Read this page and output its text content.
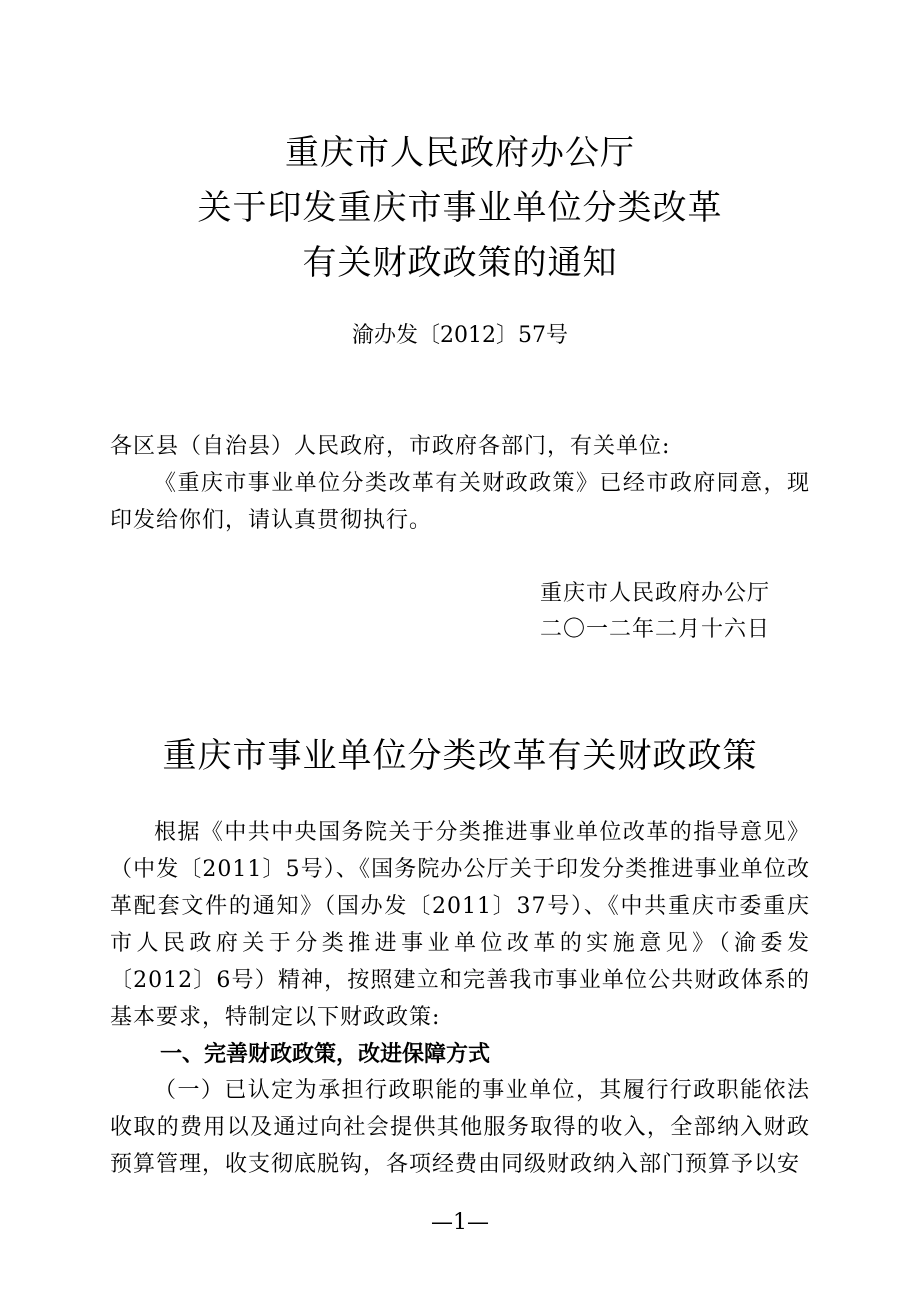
重庆市人民政府办公厅
关于印发重庆市事业单位分类改革
有关财政政策的通知
渝办发〔2012〕57号
各区县（自治县）人民政府，市政府各部门，有关单位:
《重庆市事业单位分类改革有关财政政策》已经市政府同意，现印发给你们，请认真贯彻执行。
重庆市人民政府办公厅
二〇一二年二月十六日
重庆市事业单位分类改革有关财政政策
根据《中共中央国务院关于分类推进事业单位改革的指导意见》（中发〔2011〕5号）、《国务院办公厅关于印发分类推进事业单位改革配套文件的通知》（国办发〔2011〕37号）、《中共重庆市委重庆市人民政府关于分类推进事业单位改革的实施意见》（渝委发〔2012〕6号）精神，按照建立和完善我市事业单位公共财政体系的基本要求，特制定以下财政政策:
一、完善财政政策，改进保障方式
（一）已认定为承担行政职能的事业单位，其履行行政职能依法收取的费用以及通过向社会提供其他服务取得的收入，全部纳入财政预算管理，收支彻底脱钩，各项经费由同级财政纳入部门预算予以安
—1—
